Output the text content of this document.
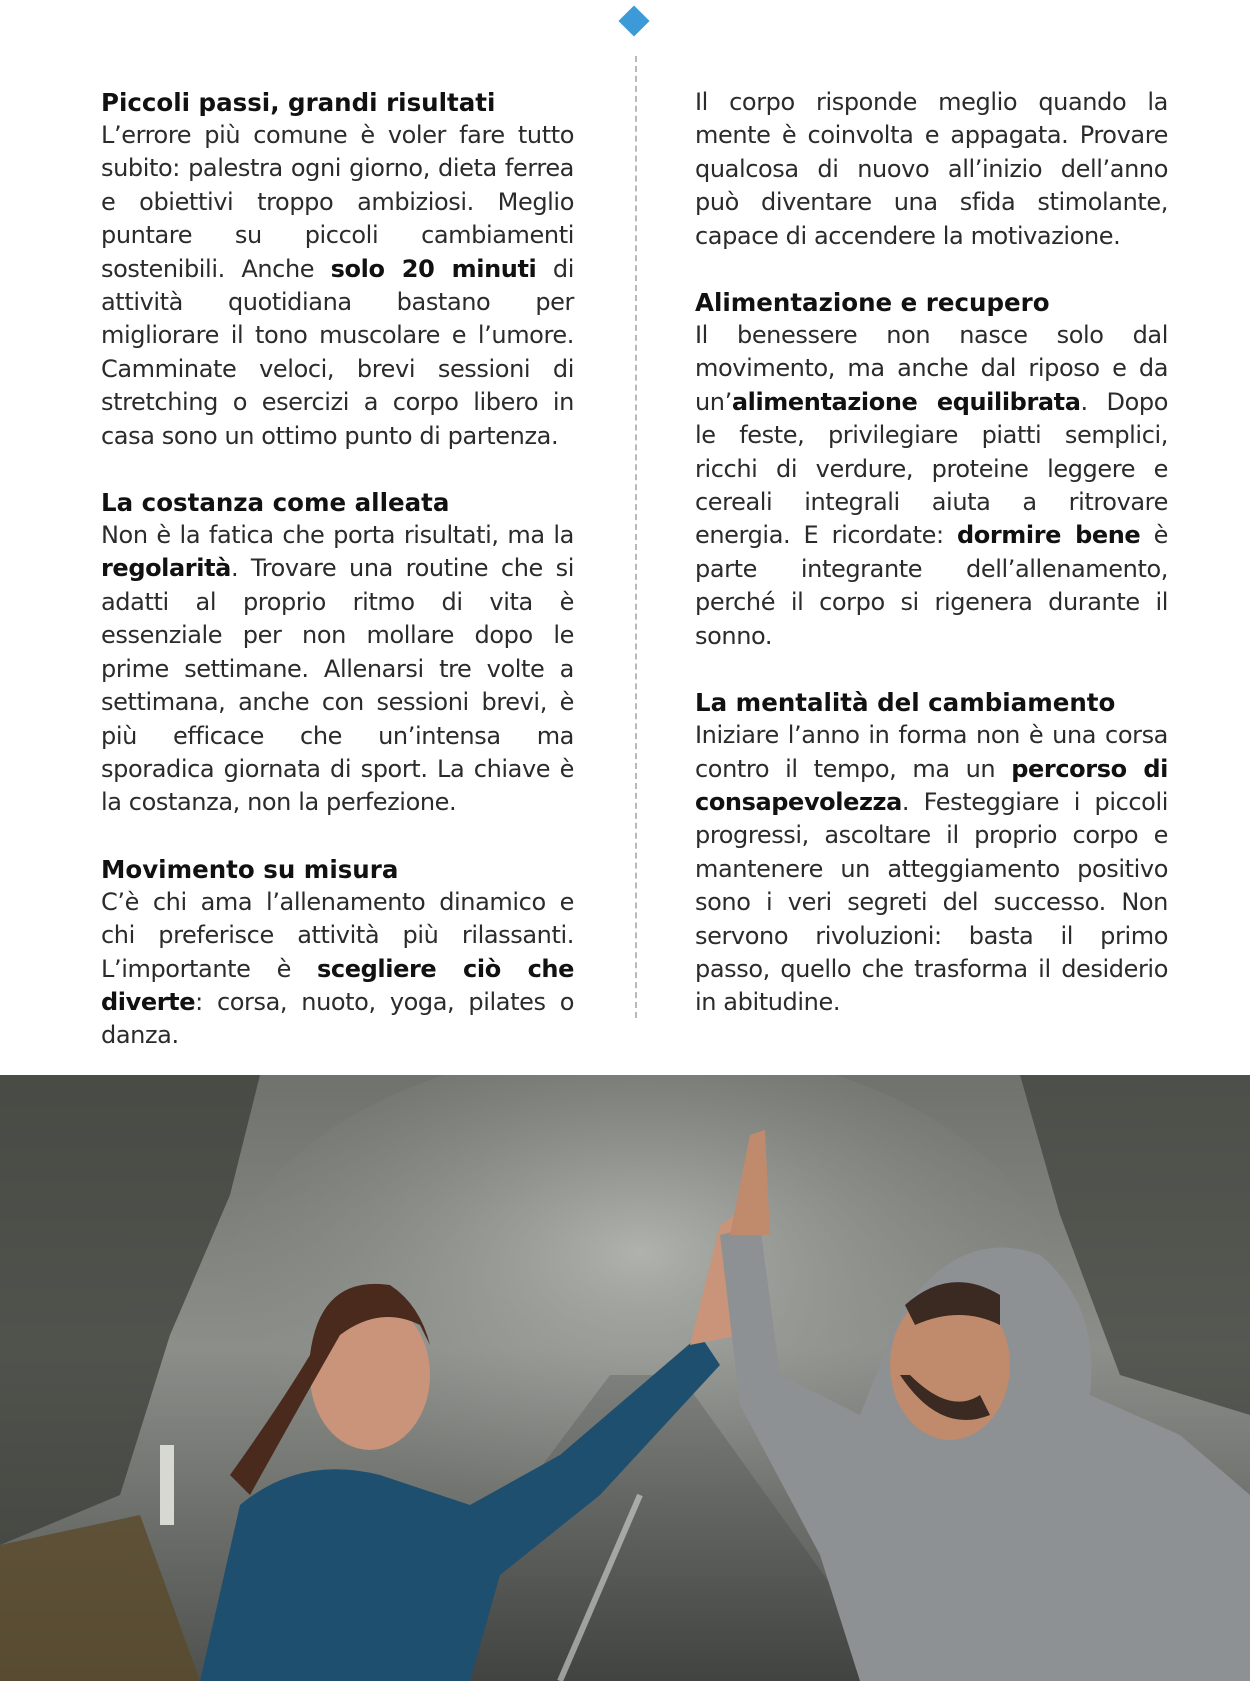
Piccoli passi, grandi risultati

L’errore più comune è voler fare tutto subito: palestra ogni giorno, dieta ferrea e obiettivi troppo ambiziosi. Meglio puntare su piccoli cambiamenti sostenibili. Anche solo 20 minuti di attività quotidiana bastano per migliorare il tono muscolare e l’umore. Camminate veloci, brevi sessioni di stretching o esercizi a corpo libero in casa sono un ottimo punto di partenza.

La costanza come alleata

Non è la fatica che porta risultati, ma la regolarità. Trovare una routine che si adatti al proprio ritmo di vita è essenziale per non mollare dopo le prime settimane. Allenarsi tre volte a settimana, anche con sessioni brevi, è più efficace che un’intensa ma sporadica giornata di sport. La chiave è la costanza, non la perfezione.

Movimento su misura

C’è chi ama l’allenamento dinamico e chi preferisce attività più rilassanti. L’importante è scegliere ciò che diverte: corsa, nuoto, yoga, pilates o danza.

Il corpo risponde meglio quando la mente è coinvolta e appagata. Provare qualcosa di nuovo all’inizio dell’anno può diventare una sfida stimolante, capace di accendere la motivazione.

Alimentazione e recupero

Il benessere non nasce solo dal movimento, ma anche dal riposo e da un’alimentazione equilibrata. Dopo le feste, privilegiare piatti semplici, ricchi di verdure, proteine leggere e cereali integrali aiuta a ritrovare energia. E ricordate: dormire bene è parte integrante dell’allenamento, perché il corpo si rigenera durante il sonno.

La mentalità del cambiamento

Iniziare l’anno in forma non è una corsa contro il tempo, ma un percorso di consapevolezza. Festeggiare i piccoli progressi, ascoltare il proprio corpo e mantenere un atteggiamento positivo sono i veri segreti del successo. Non servono rivoluzioni: basta il primo passo, quello che trasforma il desiderio in abitudine.
